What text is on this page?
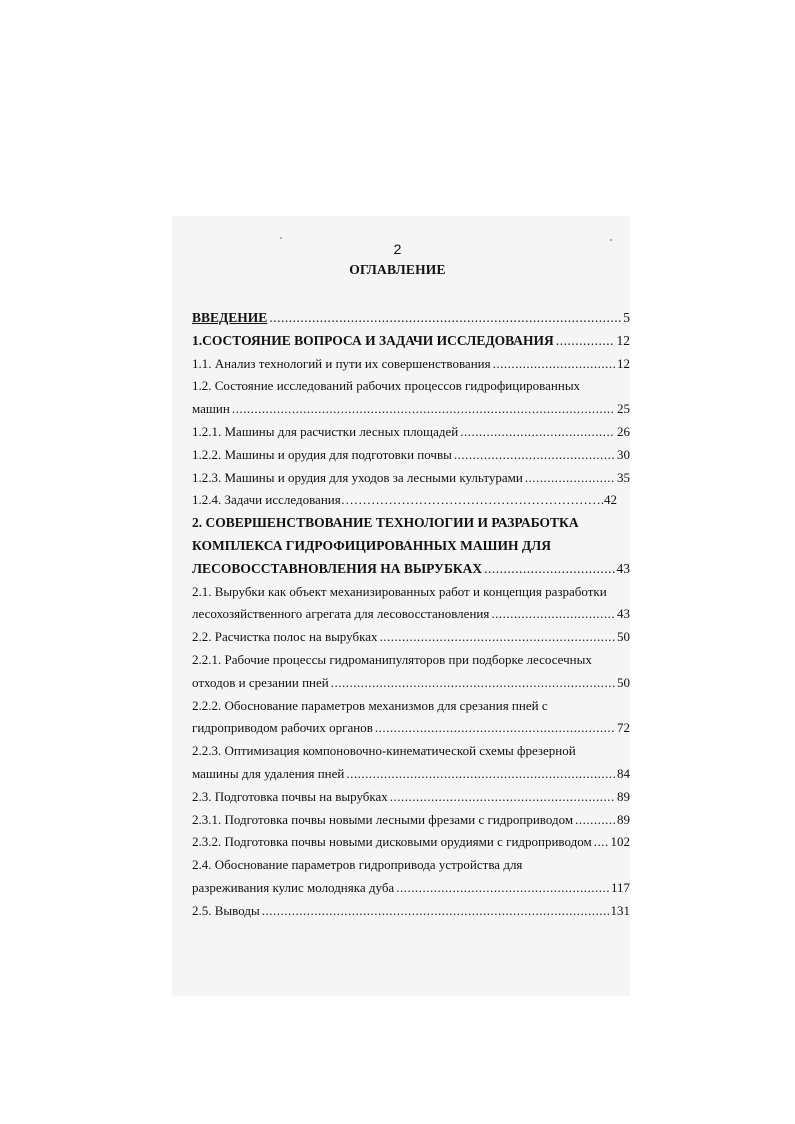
2
ОГЛАВЛЕНИЕ
ВВЕДЕНИЕ .....	5
1.СОСТОЯНИЕ ВОПРОСА И ЗАДАЧИ ИССЛЕДОВАНИЯ .....	12
1.1. Анализ технологий и пути их совершенствования .....	12
1.2. Состояние исследований рабочих процессов гидрофицированных
машин .....	25
1.2.1. Машины для расчистки лесных площадей .....	26
1.2.2. Машины и орудия для подготовки почвы .....	30
1.2.3. Машины и орудия для уходов за лесными культурами .....	35
1.2.4. Задачи исследования…………………………………………………….42
2. СОВЕРШЕНСТВОВАНИЕ ТЕХНОЛОГИИ И РАЗРАБОТКА
КОМПЛЕКСА ГИДРОФИЦИРОВАННЫХ МАШИН ДЛЯ
ЛЕСОВОССТАВНОВЛЕНИЯ НА ВЫРУБКАХ .....	43
2.1. Вырубки как объект механизированных работ и концепция разработки
лесохозяйственного агрегата для лесовосстановления .....	43
2.2. Расчистка полос на вырубках .....	50
2.2.1. Рабочие процессы гидроманипуляторов при подборке лесосечных
отходов и срезании пней .....	50
2.2.2. Обоснование параметров механизмов для срезания пней с
гидроприводом рабочих органов .....	72
2.2.3. Оптимизация компоновочно-кинематической схемы фрезерной
машины для удаления пней .....	84
2.3. Подготовка почвы на вырубках .....	89
2.3.1. Подготовка почвы новыми лесными фрезами с гидроприводом .....	89
2.3.2. Подготовка почвы новыми дисковыми орудиями с гидроприводом ..... 102
2.4. Обоснование параметров гидропривода устройства для
разреживания кулис молодняка дуба .....	117
2.5. Выводы .....	131
